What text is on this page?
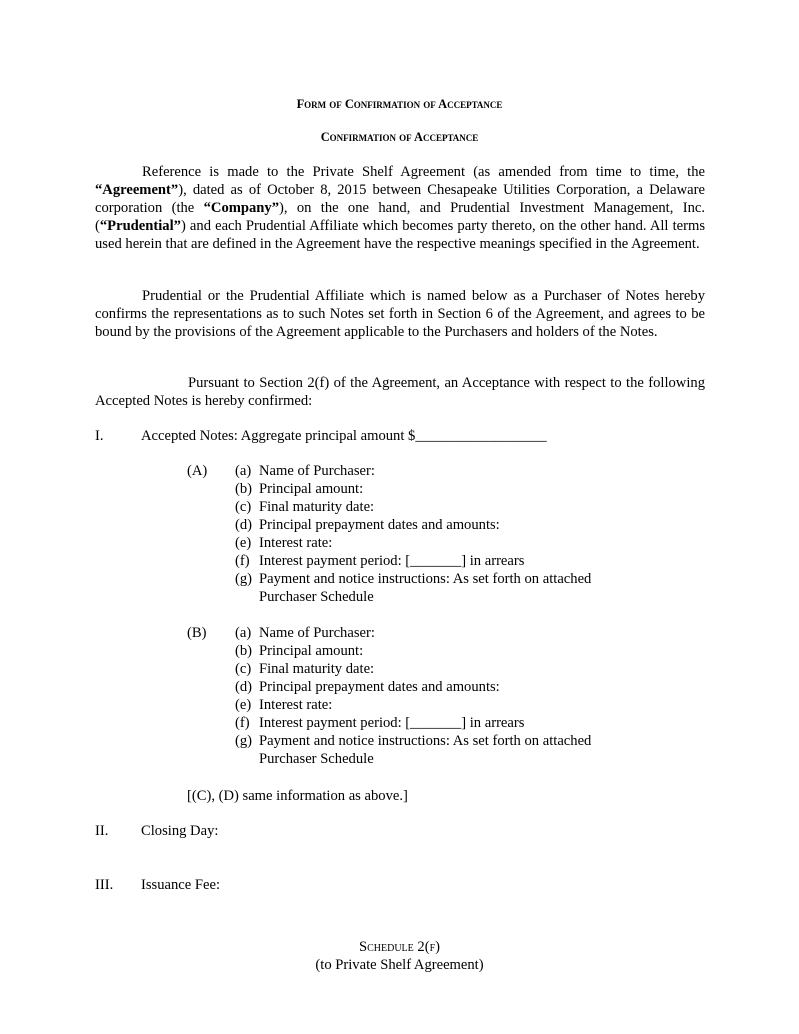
Form of Confirmation of Acceptance
Confirmation of Acceptance

Reference is made to the Private Shelf Agreement (as amended from time to time, the “Agreement”), dated as of October 8, 2015 between Chesapeake Utilities Corporation, a Delaware corporation (the “Company”), on the one hand, and Prudential Investment Management, Inc. (“Prudential”) and each Prudential Affiliate which becomes party thereto, on the other hand. All terms used herein that are defined in the Agreement have the respective meanings specified in the Agreement.

Prudential or the Prudential Affiliate which is named below as a Purchaser of Notes hereby confirms the representations as to such Notes set forth in Section 6 of the Agreement, and agrees to be bound by the provisions of the Agreement applicable to the Purchasers and holders of the Notes.

Pursuant to Section 2(f) of the Agreement, an Acceptance with respect to the following Accepted Notes is hereby confirmed:

I.	Accepted Notes: Aggregate principal amount $__________________
(A) (a) Name of Purchaser:
(b) Principal amount:
(c) Final maturity date:
(d) Principal prepayment dates and amounts:
(e) Interest rate:
(f) Interest payment period: [_______] in arrears
(g) Payment and notice instructions: As set forth on attached
Purchaser Schedule
(B) (a) Name of Purchaser:
(b) Principal amount:
(c) Final maturity date:
(d) Principal prepayment dates and amounts:
(e) Interest rate:
(f) Interest payment period: [_______] in arrears
(g) Payment and notice instructions: As set forth on attached
Purchaser Schedule
[(C), (D) same information as above.]
II. Closing Day:
III. Issuance Fee:
Schedule 2(f)
(to Private Shelf Agreement)
